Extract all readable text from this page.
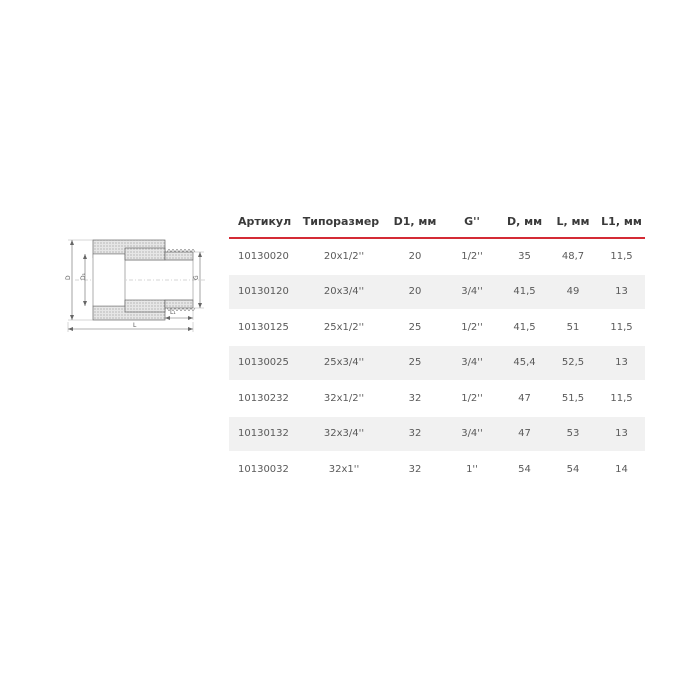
D D₁	G
L₁
L
Артикул	Типоразмер	D1, мм	G''	D, мм	L, мм	L1, мм
10130020	20x1/2''	20	1/2''	35	48,7	11,5
10130120	20x3/4''	20	3/4''	41,5	49	13
10130125	25x1/2''	25	1/2''	41,5	51	11,5
10130025	25x3/4''	25	3/4''	45,4	52,5	13
10130232	32x1/2''	32	1/2''	47	51,5	11,5
10130132	32x3/4''	32	3/4''	47	53	13
10130032	32x1''	32	1''	54	54	14
